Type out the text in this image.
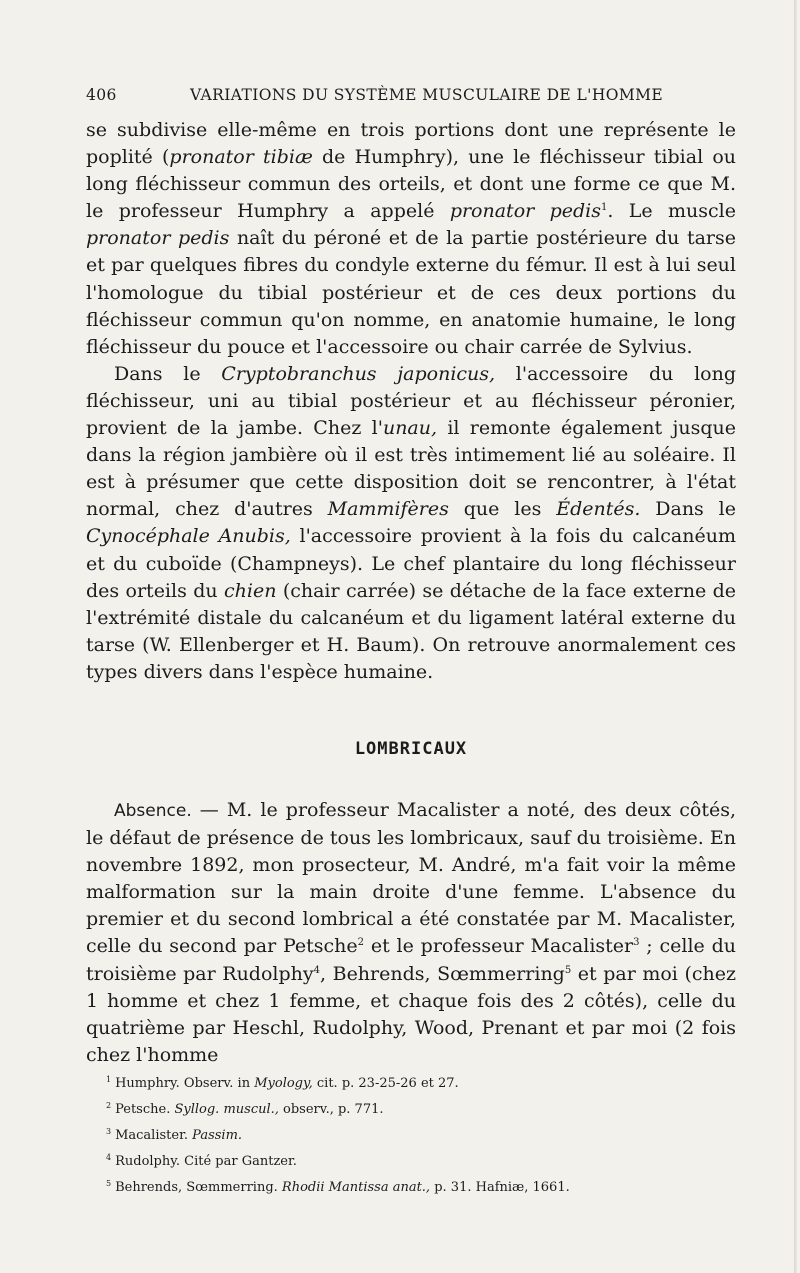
406	VARIATIONS DU SYSTÈME MUSCULAIRE DE L'HOMME

se subdivise elle-même en trois portions dont une représente le poplité (pronator tibiæ de Humphry), une le fléchisseur tibial ou long fléchisseur commun des orteils, et dont une forme ce que M. le professeur Humphry a appelé pronator pedis$^1$. Le muscle pronator pedis naît du péroné et de la partie postérieure du tarse et par quelques fibres du condyle externe du fémur. Il est à lui seul l'homologue du tibial postérieur et de ces deux portions du fléchisseur commun qu'on nomme, en anatomie humaine, le long fléchisseur du pouce et l'accessoire ou chair carrée de Sylvius.

Dans le Cryptobranchus japonicus, l'accessoire du long fléchisseur, uni au tibial postérieur et au fléchisseur péronier, provient de la jambe. Chez l'unau, il remonte également jusque dans la région jambière où il est très intimement lié au soléaire. Il est à présumer que cette disposition doit se rencontrer, à l'état normal, chez d'autres Mammifères que les Édentés. Dans le Cynocéphale Anubis, l'accessoire provient à la fois du calcanéum et du cuboïde (Champneys). Le chef plantaire du long fléchisseur des orteils du chien (chair carrée) se détache de la face externe de l'extrémité distale du calcanéum et du ligament latéral externe du tarse (W. Ellenberger et H. Baum). On retrouve anormalement ces types divers dans l'espèce humaine.

LOMBRICAUX

Absence. — M. le professeur Macalister a noté, des deux côtés, le défaut de présence de tous les lombricaux, sauf du troisième. En novembre 1892, mon prosecteur, M. André, m'a fait voir la même malformation sur la main droite d'une femme. L'absence du premier et du second lombrical a été constatée par M. Macalister, celle du second par Petsche$^2$ et le professeur Macalister$^3$ ; celle du troisième par Rudolphy$^4$, Behrends, Sœmmerring$^5$ et par moi (chez 1 homme et chez 1 femme, et chaque fois des 2 côtés), celle du quatrième par Heschl, Rudolphy, Wood, Prenant et par moi (2 fois chez l'homme

$^1$ Humphry. Observ. in Myology, cit. p. 23-25-26 et 27.
$^2$ Petsche. Syllog. muscul., observ., p. 771.
$^3$ Macalister. Passim.
$^4$ Rudolphy. Cité par Gantzer.
$^5$ Behrends, Sœmmerring. Rhodii Mantissa anat., p. 31. Hafniæ, 1661.
